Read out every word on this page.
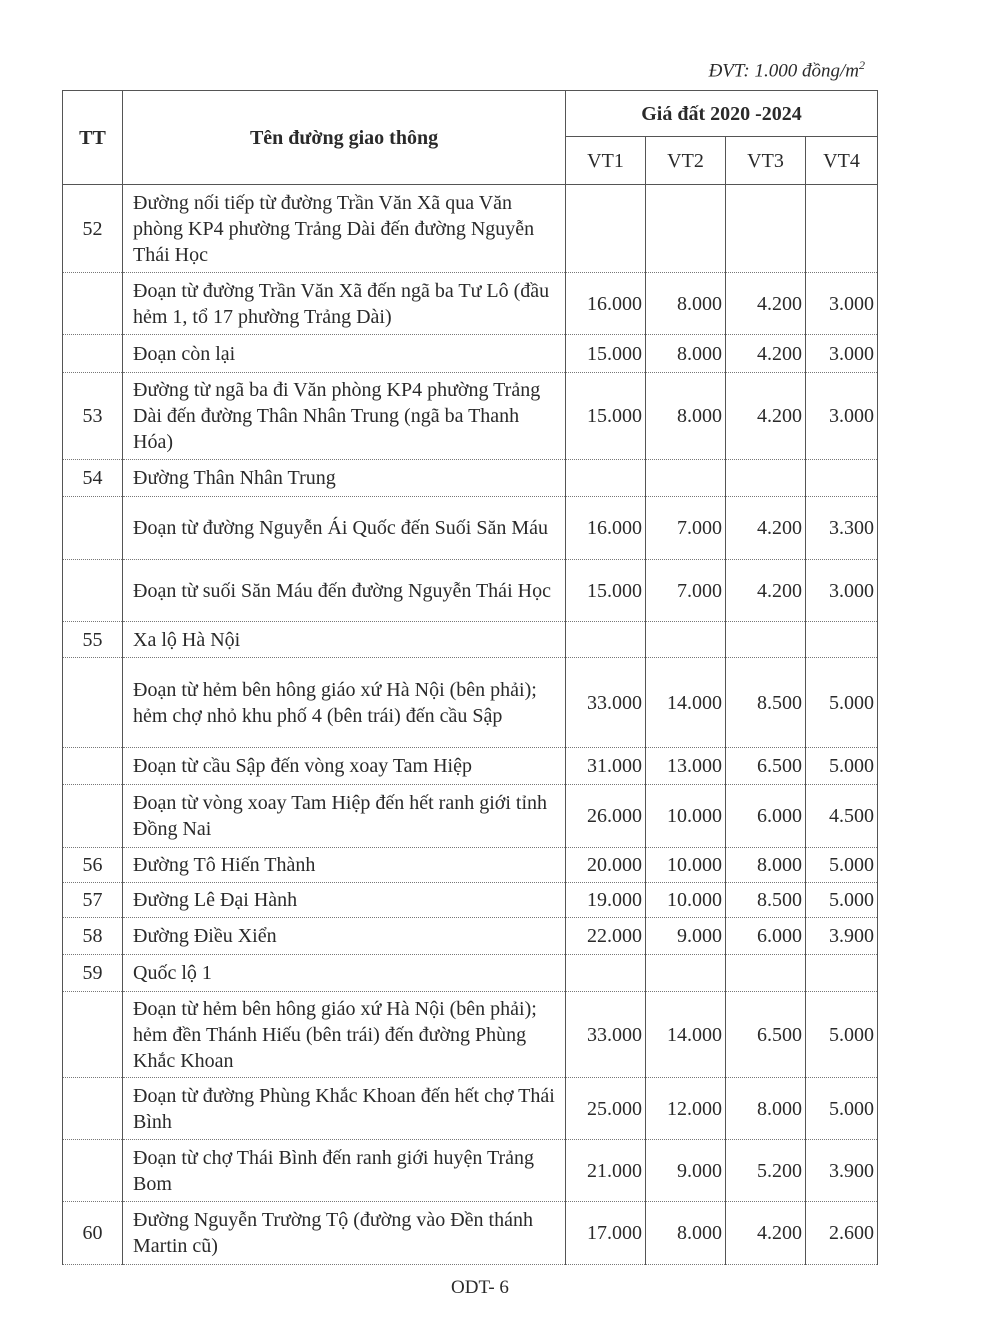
ĐVT: 1.000 đồng/$m^2$
TT	Tên đường giao thông	Giá đất 2020 -2024			
		VT1	VT2	VT3	VT4
52	Đường nối tiếp từ đường Trần Văn Xã qua Văn phòng KP4 phường Trảng Dài đến đường Nguyễn Thái Học				
	Đoạn từ đường Trần Văn Xã đến ngã ba Tư Lô (đầu hẻm 1, tổ 17 phường Trảng Dài)	16.000	8.000	4.200	3.000
	Đoạn còn lại	15.000	8.000	4.200	3.000
53	Đường từ ngã ba đi Văn phòng KP4 phường Trảng Dài đến đường Thân Nhân Trung (ngã ba Thanh Hóa)	15.000	8.000	4.200	3.000
54	Đường Thân Nhân Trung				
	Đoạn từ đường Nguyễn Ái Quốc đến Suối Săn Máu	16.000	7.000	4.200	3.300
	Đoạn từ suối Săn Máu đến đường Nguyễn Thái Học	15.000	7.000	4.200	3.000
55	Xa lộ Hà Nội				
	Đoạn từ hẻm bên hông giáo xứ Hà Nội (bên phải); hẻm chợ nhỏ khu phố 4 (bên trái) đến cầu Sập	33.000	14.000	8.500	5.000
	Đoạn từ cầu Sập đến vòng xoay Tam Hiệp	31.000	13.000	6.500	5.000
	Đoạn từ vòng xoay Tam Hiệp đến hết ranh giới tỉnh Đồng Nai	26.000	10.000	6.000	4.500
56	Đường Tô Hiến Thành	20.000	10.000	8.000	5.000
57	Đường Lê Đại Hành	19.000	10.000	8.500	5.000
58	Đường Điều Xiển	22.000	9.000	6.000	3.900
59	Quốc lộ 1				
	Đoạn từ hẻm bên hông giáo xứ Hà Nội (bên phải); hẻm đền Thánh Hiếu (bên trái) đến đường Phùng Khắc Khoan	33.000	14.000	6.500	5.000
	Đoạn từ đường Phùng Khắc Khoan đến hết chợ Thái Bình	25.000	12.000	8.000	5.000
	Đoạn từ chợ Thái Bình đến ranh giới huyện Trảng Bom	21.000	9.000	5.200	3.900
60	Đường Nguyễn Trường Tộ (đường vào Đền thánh Martin cũ)	17.000	8.000	4.200	2.600
ODT- 6
